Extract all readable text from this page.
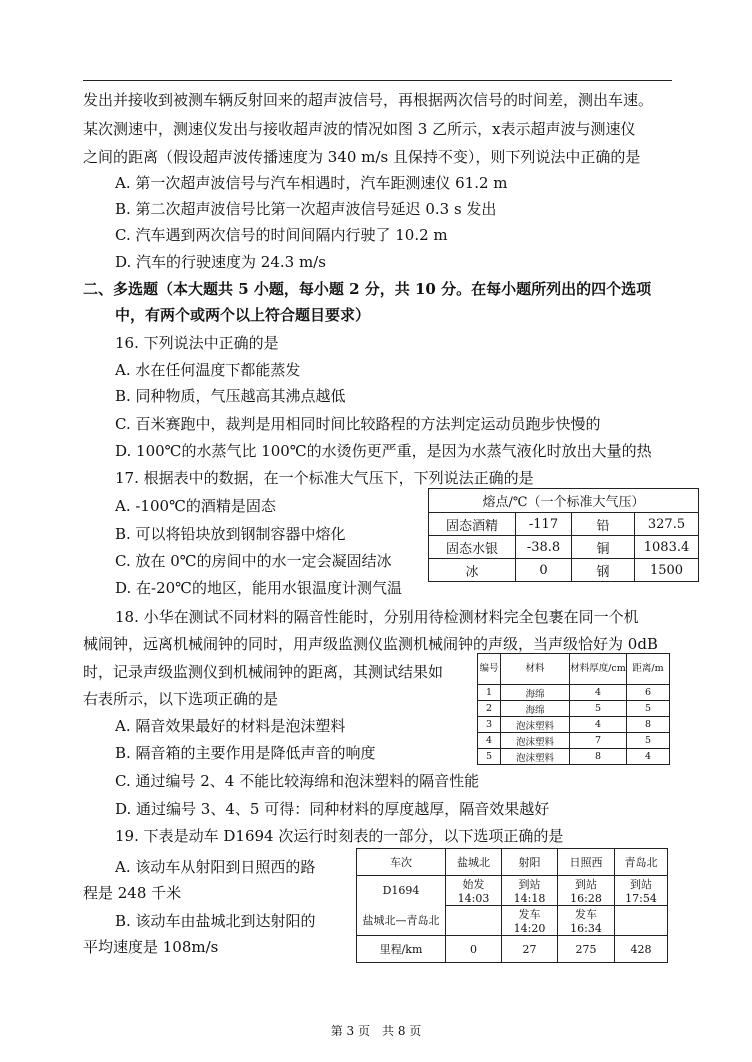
发出并接收到被测车辆反射回来的超声波信号，再根据两次信号的时间差，测出车速。
某次测速中，测速仪发出与接收超声波的情况如图 3 乙所示，x表示超声波与测速仪
之间的距离（假设超声波传播速度为 340 m/s 且保持不变），则下列说法中正确的是
A. 第一次超声波信号与汽车相遇时，汽车距测速仪 61.2 m
B. 第二次超声波信号比第一次超声波信号延迟 0.3 s 发出
C. 汽车遇到两次信号的时间间隔内行驶了 10.2 m
D. 汽车的行驶速度为 24.3 m/s
二、多选题（本大题共 5 小题，每小题 2 分，共 10 分。在每小题所列出的四个选项
中，有两个或两个以上符合题目要求）
16. 下列说法中正确的是
A. 水在任何温度下都能蒸发
B. 同种物质，气压越高其沸点越低
C. 百米赛跑中，裁判是用相同时间比较路程的方法判定运动员跑步快慢的
D. 100℃的水蒸气比 100℃的水烫伤更严重，是因为水蒸气液化时放出大量的热
17. 根据表中的数据，在一个标准大气压下，下列说法正确的是
A. -100℃的酒精是固态
B. 可以将铅块放到钢制容器中熔化
C. 放在 0℃的房间中的水一定会凝固结冰
D. 在-20℃的地区，能用水银温度计测气温
熔点/℃（一个标准大气压）			
固态酒精	-117	铅	327.5
固态水银	-38.8	铜	1083.4
冰	0	钢	1500
18. 小华在测试不同材料的隔音性能时，分别用待检测材料完全包裹在同一个机
械闹钟，远离机械闹钟的同时，用声级监测仪监测机械闹钟的声级，当声级恰好为 0dB
时，记录声级监测仪到机械闹钟的距离，其测试结果如
右表所示，以下选项正确的是
A. 隔音效果最好的材料是泡沫塑料
B. 隔音箱的主要作用是降低声音的响度
C. 通过编号 2、4 不能比较海绵和泡沫塑料的隔音性能
D. 通过编号 3、4、5 可得：同种材料的厚度越厚，隔音效果越好
编号	材料	材料厚度/cm	距离/m
1	海绵	4	6
2	海绵	5	5
3	泡沫塑料	4	8
4	泡沫塑料	7	5
5	泡沫塑料	8	4
19. 下表是动车 D1694 次运行时刻表的一部分，以下选项正确的是
A. 该动车从射阳到日照西的路
程是 248 千米
B. 该动车由盐城北到达射阳的
平均速度是 108m/s
车次	盐城北	射阳	日照西	青岛北
D1694	始发 14:03	到站 14:18	到站 16:28	到站 17:54
盐城北—青岛北		发车 14:20	发车 16:34	
里程/km	0	27	275	428
第 3 页　共 8 页
